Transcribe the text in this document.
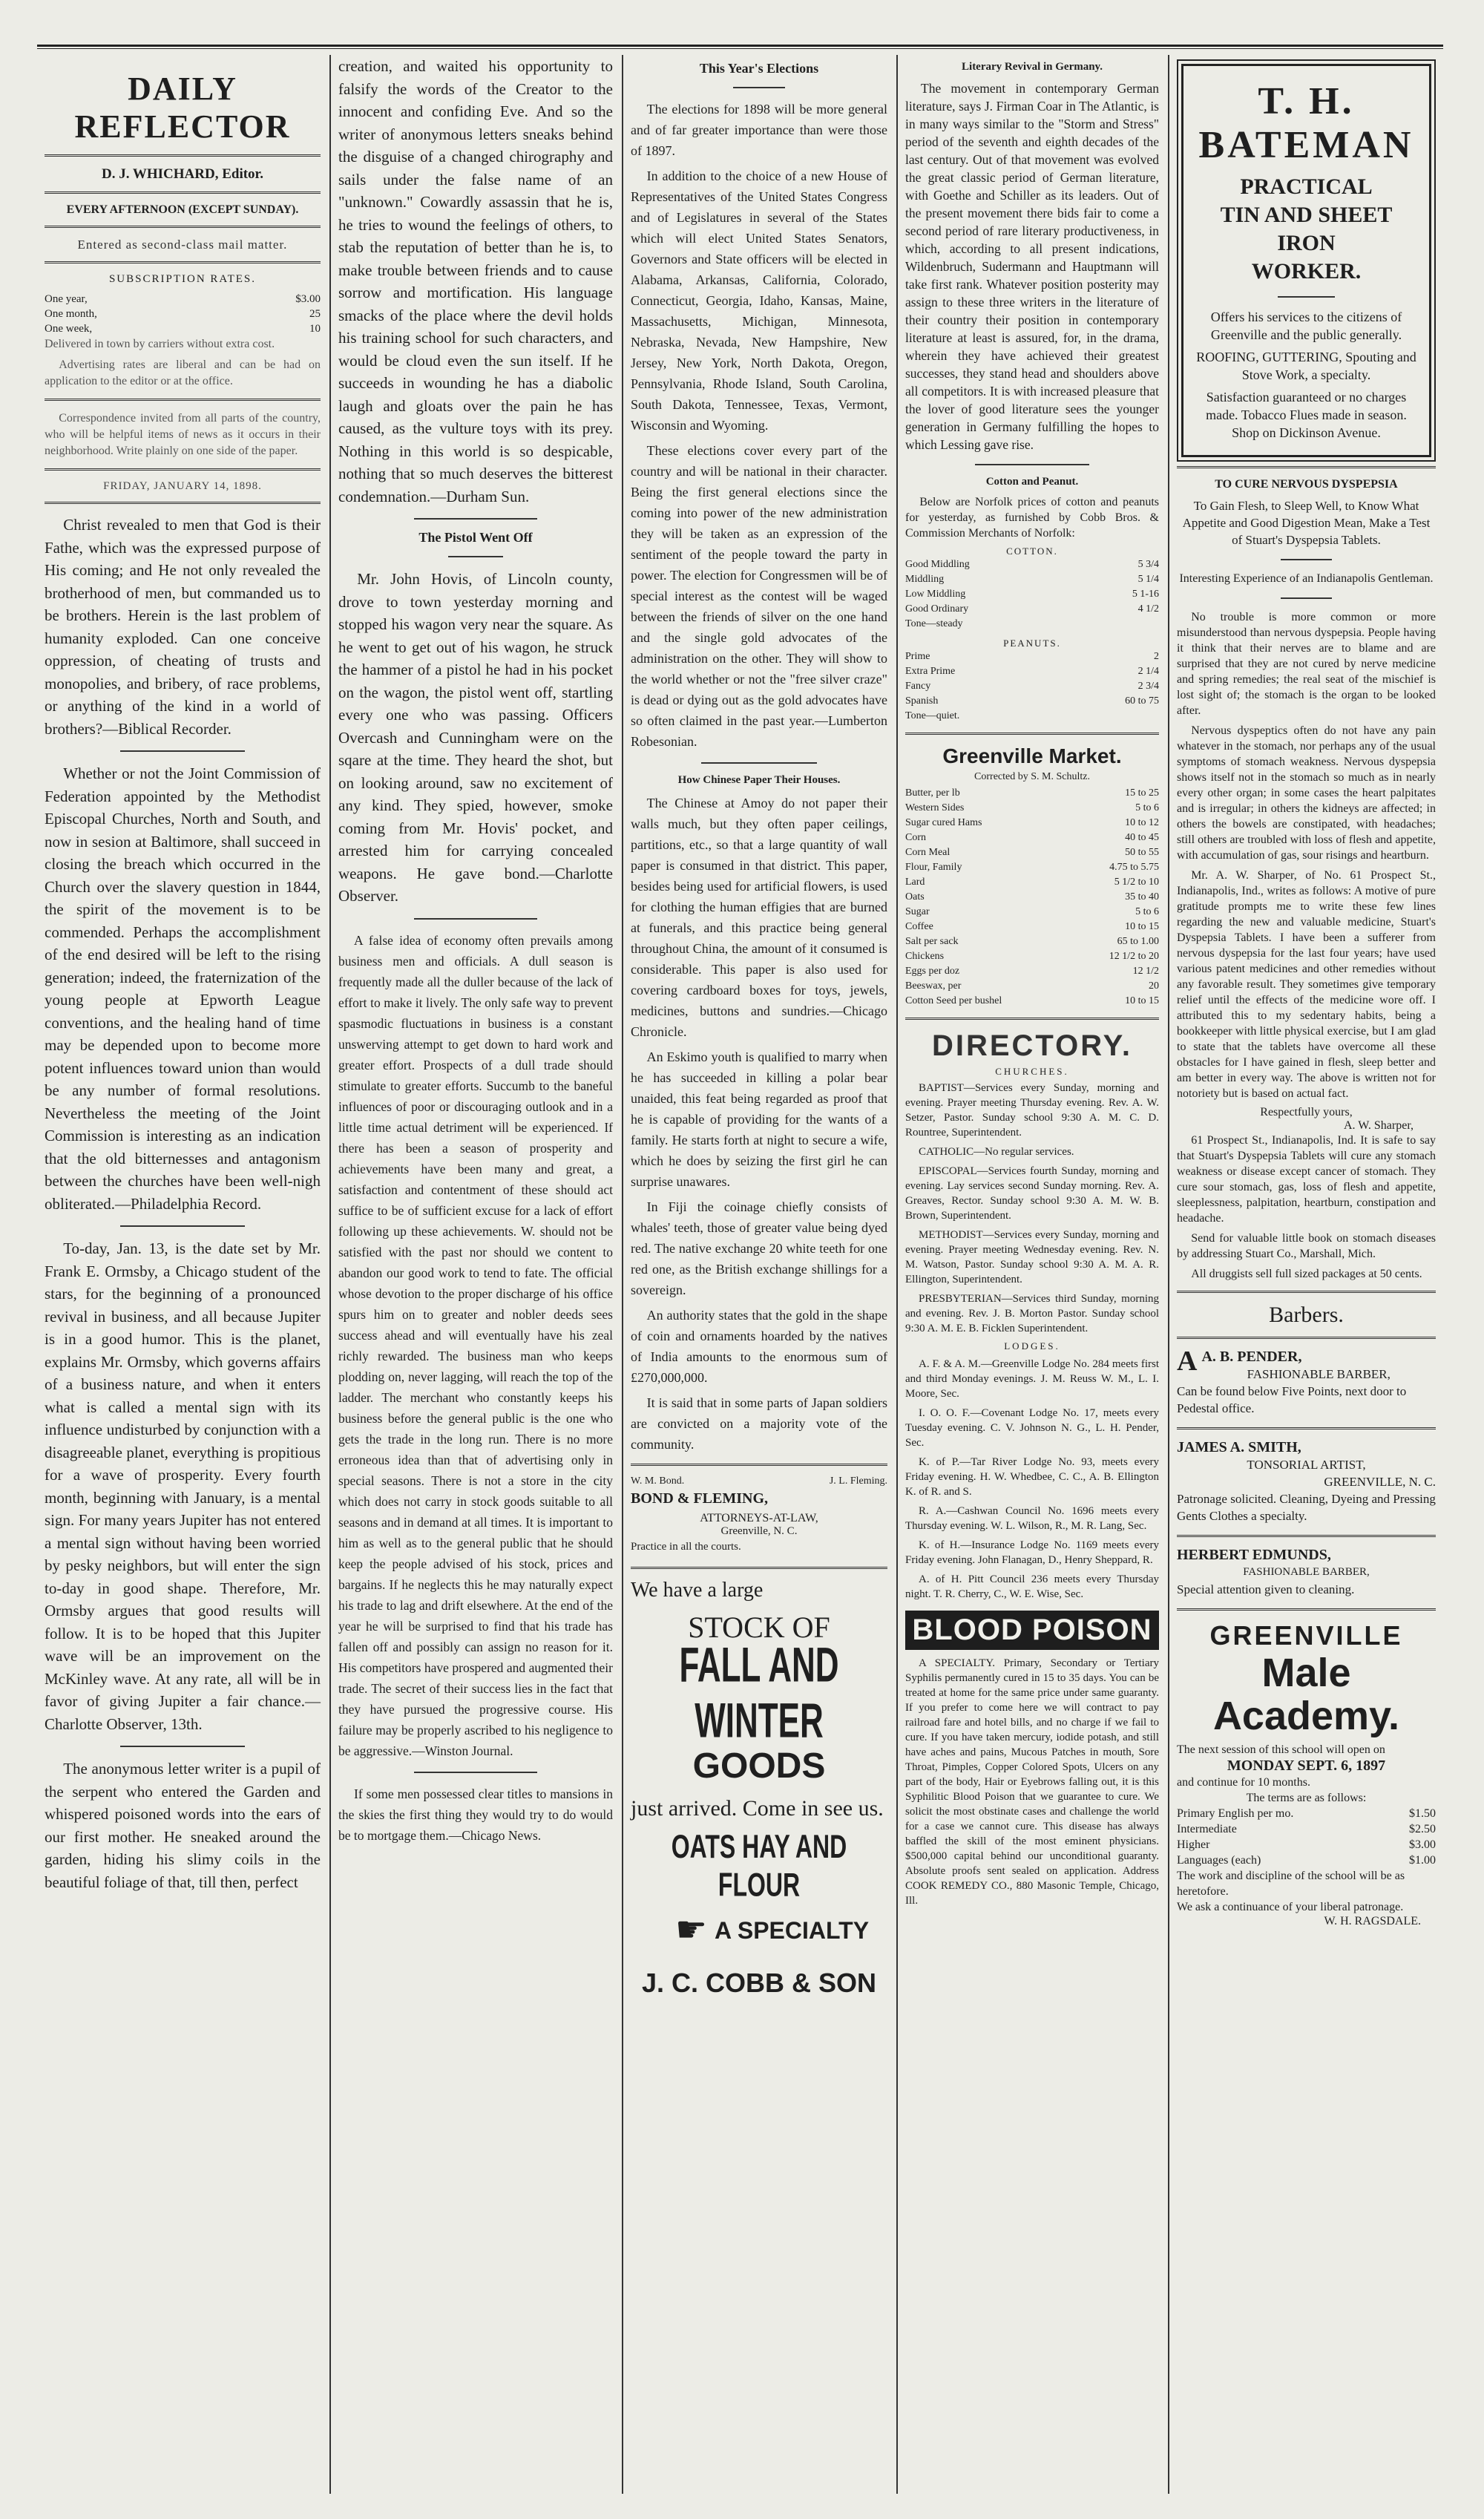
DAILY REFLECTOR
D. J. WHICHARD, Editor.
EVERY AFTERNOON (EXCEPT SUNDAY).
Entered as second-class mail matter.
SUBSCRIPTION RATES.
One year,	$3.00
One month,	25
One week,	10

Delivered in town by carriers without extra cost.

Advertising rates are liberal and can be had on application to the editor or at the office.

Correspondence invited from all parts of the country, who will be helpful items of news as it occurs in their neighborhood. Write plainly on one side of the paper.

FRIDAY, JANUARY 14, 1898.

Christ revealed to men that God is their Fathe, which was the expressed purpose of His coming; and He not only revealed the brotherhood of men, but commanded us to be brothers. Herein is the last problem of humanity exploded. Can one conceive oppression, of cheating of trusts and monopolies, and bribery, of race problems, or anything of the kind in a world of brothers?—Biblical Recorder.

Whether or not the Joint Commission of Federation appointed by the Methodist Episcopal Churches, North and South, and now in sesion at Baltimore, shall succeed in closing the breach which occurred in the Church over the slavery question in 1844, the spirit of the movement is to be commended. Perhaps the accomplishment of the end desired will be left to the rising generation; indeed, the fraternization of the young people at Epworth League conventions, and the healing hand of time may be depended upon to become more potent influences toward union than would be any number of formal resolutions. Nevertheless the meeting of the Joint Commission is interesting as an indication that the old bitternesses and antagonism between the churches have been well-nigh obliterated.—Philadelphia Record.

To-day, Jan. 13, is the date set by Mr. Frank E. Ormsby, a Chicago student of the stars, for the beginning of a pronounced revival in business, and all because Jupiter is in a good humor. This is the planet, explains Mr. Ormsby, which governs affairs of a business nature, and when it enters what is called a mental sign with its influence undisturbed by conjunction with a disagreeable planet, everything is propitious for a wave of prosperity. Every fourth month, beginning with January, is a mental sign. For many years Jupiter has not entered a mental sign without having been worried by pesky neighbors, but will enter the sign to-day in good shape. Therefore, Mr. Ormsby argues that good results will follow. It is to be hoped that this Jupiter wave will be an improvement on the McKinley wave. At any rate, all will be in favor of giving Jupiter a fair chance.—Charlotte Observer, 13th.

The anonymous letter writer is a pupil of the serpent who entered the Garden and whispered poisoned words into the ears of our first mother. He sneaked around the garden, hiding his slimy coils in the beautiful foliage of that, till then, perfect

creation, and waited his opportunity to falsify the words of the Creator to the innocent and confiding Eve. And so the writer of anonymous letters sneaks behind the disguise of a changed chirography and sails under the false name of an "unknown." Cowardly assassin that he is, he tries to wound the feelings of others, to stab the reputation of better than he is, to make trouble between friends and to cause sorrow and mortification. His language smacks of the place where the devil holds his training school for such characters, and would be cloud even the sun itself. If he succeeds in wounding he has a diabolic laugh and gloats over the pain he has caused, as the vulture toys with its prey. Nothing in this world is so despicable, nothing that so much deserves the bitterest condemnation.—Durham Sun.

The Pistol Went Off

Mr. John Hovis, of Lincoln county, drove to town yesterday morning and stopped his wagon very near the square. As he went to get out of his wagon, he struck the hammer of a pistol he had in his pocket on the wagon, the pistol went off, startling every one who was passing. Officers Overcash and Cunningham were on the sqare at the time. They heard the shot, but on looking around, saw no excitement of any kind. They spied, however, smoke coming from Mr. Hovis' pocket, and arrested him for carrying concealed weapons. He gave bond.—Charlotte Observer.

A false idea of economy often prevails among business men and officials. A dull season is frequently made all the duller because of the lack of effort to make it lively. The only safe way to prevent spasmodic fluctuations in business is a constant unswerving attempt to get down to hard work and greater effort. Prospects of a dull trade should stimulate to greater efforts. Succumb to the baneful influences of poor or discouraging outlook and in a little time actual detriment will be experienced. If there has been a season of prosperity and achievements have been many and great, a satisfaction and contentment of these should act suffice to be of sufficient excuse for a lack of effort following up these achievements. W. should not be satisfied with the past nor should we content to abandon our good work to tend to fate. The official whose devotion to the proper discharge of his office spurs him on to greater and nobler deeds sees success ahead and will eventually have his zeal richly rewarded. The business man who keeps plodding on, never lagging, will reach the top of the ladder. The merchant who constantly keeps his business before the general public is the one who gets the trade in the long run. There is no more erroneous idea than that of advertising only in special seasons. There is not a store in the city which does not carry in stock goods suitable to all seasons and in demand at all times. It is important to him as well as to the general public that he should keep the people advised of his stock, prices and bargains. If he neglects this he may naturally expect his trade to lag and drift elsewhere. At the end of the year he will be surprised to find that his trade has fallen off and possibly can assign no reason for it. His competitors have prospered and augmented their trade. The secret of their success lies in the fact that they have pursued the progressive course. His failure may be properly ascribed to his negligence to be aggressive.—Winston Journal.

If some men possessed clear titles to mansions in the skies the first thing they would try to do would be to mortgage them.—Chicago News.

This Year's Elections

The elections for 1898 will be more general and of far greater importance than were those of 1897.

In addition to the choice of a new House of Representatives of the United States Congress and of Legislatures in several of the States which will elect United States Senators, Governors and State officers will be elected in Alabama, Arkansas, California, Colorado, Connecticut, Georgia, Idaho, Kansas, Maine, Massachusetts, Michigan, Minnesota, Nebraska, Nevada, New Hampshire, New Jersey, New York, North Dakota, Oregon, Pennsylvania, Rhode Island, South Carolina, South Dakota, Tennessee, Texas, Vermont, Wisconsin and Wyoming.

These elections cover every part of the country and will be national in their character. Being the first general elections since the coming into power of the new administration they will be taken as an expression of the sentiment of the people toward the party in power. The election for Congressmen will be of special interest as the contest will be waged between the friends of silver on the one hand and the single gold advocates of the administration on the other. They will show to the world whether or not the "free silver craze" is dead or dying out as the gold advocates have so often claimed in the past year.—Lumberton Robesonian.

How Chinese Paper Their Houses.

The Chinese at Amoy do not paper their walls much, but they often paper ceilings, partitions, etc., so that a large quantity of wall paper is consumed in that district. This paper, besides being used for artificial flowers, is used for clothing the human effigies that are burned at funerals, and this practice being general throughout China, the amount of it consumed is considerable. This paper is also used for covering cardboard boxes for toys, jewels, medicines, buttons and sundries.—Chicago Chronicle.

An Eskimo youth is qualified to marry when he has succeeded in killing a polar bear unaided, this feat being regarded as proof that he is capable of providing for the wants of a family. He starts forth at night to secure a wife, which he does by seizing the first girl he can surprise unawares.

In Fiji the coinage chiefly consists of whales' teeth, those of greater value being dyed red. The native exchange 20 white teeth for one red one, as the British exchange shillings for a sovereign.

An authority states that the gold in the shape of coin and ornaments hoarded by the natives of India amounts to the enormous sum of £270,000,000.

It is said that in some parts of Japan soldiers are convicted on a majority vote of the community.

W. M. Bond.	J. L. Fleming.
BOND & FLEMING,
ATTORNEYS-AT-LAW,
Greenville, N. C.
Practice in all the courts.
We have a large
STOCK OF
FALL AND WINTER
GOODS
just arrived. Come in see us.
OATS HAY AND FLOUR
☛ A SPECIALTY
J. C. COBB & SON
Literary Revival in Germany.

The movement in contemporary German literature, says J. Firman Coar in The Atlantic, is in many ways similar to the "Storm and Stress" period of the seventh and eighth decades of the last century. Out of that movement was evolved the great classic period of German literature, with Goethe and Schiller as its leaders. Out of the present movement there bids fair to come a second period of rare literary productiveness, in which, according to all present indications, Wildenbruch, Sudermann and Hauptmann will take first rank. Whatever position posterity may assign to these three writers in the literature of their country their position in contemporary literature at least is assured, for, in the drama, wherein they have achieved their greatest successes, they stand head and shoulders above all competitors. It is with increased pleasure that the lover of good literature sees the younger generation in Germany fulfilling the hopes to which Lessing gave rise.

Cotton and Peanut.

Below are Norfolk prices of cotton and peanuts for yesterday, as furnished by Cobb Bros. & Commission Merchants of Norfolk:

COTTON.
Good Middling	5 3/4
Middling	5 1/4
Low Middling	5 1-16
Good Ordinary	4 1/2
Tone—steady
PEANUTS.
Prime	2
Extra Prime	2 1/4
Fancy	2 3/4
Spanish	60 to 75
Tone—quiet.
Greenville Market.
Corrected by S. M. Schultz.
Butter, per lb	15 to 25
Western Sides	5 to 6
Sugar cured Hams	10 to 12
Corn	40 to 45
Corn Meal	50 to 55
Flour, Family	4.75 to 5.75
Lard	5 1/2 to 10
Oats	35 to 40
Sugar	5 to 6
Coffee	10 to 15
Salt per sack	65 to 1.00
Chickens	12 1/2 to 20
Eggs per doz	12 1/2
Beeswax, per	20
Cotton Seed per bushel	10 to 15
DIRECTORY.
CHURCHES.

BAPTIST—Services every Sunday, morning and evening. Prayer meeting Thursday evening. Rev. A. W. Setzer, Pastor. Sunday school 9:30 A. M. C. D. Rountree, Superintendent.

CATHOLIC—No regular services.

EPISCOPAL—Services fourth Sunday, morning and evening. Lay services second Sunday morning. Rev. A. Greaves, Rector. Sunday school 9:30 A. M. W. B. Brown, Superintendent.

METHODIST—Services every Sunday, morning and evening. Prayer meeting Wednesday evening. Rev. N. M. Watson, Pastor. Sunday school 9:30 A. M. A. R. Ellington, Superintendent.

PRESBYTERIAN—Services third Sunday, morning and evening. Rev. J. B. Morton Pastor. Sunday school 9:30 A. M. E. B. Ficklen Superintendent.

LODGES.

A. F. & A. M.—Greenville Lodge No. 284 meets first and third Monday evenings. J. M. Reuss W. M., L. I. Moore, Sec.

I. O. O. F.—Covenant Lodge No. 17, meets every Tuesday evening. C. V. Johnson N. G., L. H. Pender, Sec.

K. of P.—Tar River Lodge No. 93, meets every Friday evening. H. W. Whedbee, C. C., A. B. Ellington K. of R. and S.

R. A.—Cashwan Council No. 1696 meets every Thursday evening. W. L. Wilson, R., M. R. Lang, Sec.

K. of H.—Insurance Lodge No. 1169 meets every Friday evening. John Flanagan, D., Henry Sheppard, R.

A. of H. Pitt Council 236 meets every Thursday night. T. R. Cherry, C., W. E. Wise, Sec.

BLOOD POISON

A SPECIALTY. Primary, Secondary or Tertiary Syphilis permanently cured in 15 to 35 days. You can be treated at home for the same price under same guaranty. If you prefer to come here we will contract to pay railroad fare and hotel bills, and no charge if we fail to cure. If you have taken mercury, iodide potash, and still have aches and pains, Mucous Patches in mouth, Sore Throat, Pimples, Copper Colored Spots, Ulcers on any part of the body, Hair or Eyebrows falling out, it is this Syphilitic Blood Poison that we guarantee to cure. We solicit the most obstinate cases and challenge the world for a case we cannot cure. This disease has always baffled the skill of the most eminent physicians. $500,000 capital behind our unconditional guaranty. Absolute proofs sent sealed on application. Address COOK REMEDY CO., 880 Masonic Temple, Chicago, Ill.

T. H. BATEMAN
PRACTICAL
TIN AND SHEET IRON
WORKER.
Offers his services to the citizens of Greenville and the public generally.
ROOFING, GUTTERING, Spouting and Stove Work, a specialty.
Satisfaction guaranteed or no charges made. Tobacco Flues made in season. Shop on Dickinson Avenue.
TO CURE NERVOUS DYSPEPSIA
To Gain Flesh, to Sleep Well, to Know What Appetite and Good Digestion Mean, Make a Test of Stuart's Dyspepsia Tablets.
Interesting Experience of an Indianapolis Gentleman.

No trouble is more common or more misunderstood than nervous dyspepsia. People having it think that their nerves are to blame and are surprised that they are not cured by nerve medicine and spring remedies; the real seat of the mischief is lost sight of; the stomach is the organ to be looked after.

Nervous dyspeptics often do not have any pain whatever in the stomach, nor perhaps any of the usual symptoms of stomach weakness. Nervous dyspepsia shows itself not in the stomach so much as in nearly every other organ; in some cases the heart palpitates and is irregular; in others the kidneys are affected; in others the bowels are constipated, with headaches; still others are troubled with loss of flesh and appetite, with accumulation of gas, sour risings and heartburn.

Mr. A. W. Sharper, of No. 61 Prospect St., Indianapolis, Ind., writes as follows: A motive of pure gratitude prompts me to write these few lines regarding the new and valuable medicine, Stuart's Dyspepsia Tablets. I have been a sufferer from nervous dyspepsia for the last four years; have used various patent medicines and other remedies without any favorable result. They sometimes give temporary relief until the effects of the medicine wore off. I attributed this to my sedentary habits, being a bookkeeper with little physical exercise, but I am glad to state that the tablets have overcome all these obstacles for I have gained in flesh, sleep better and am better in every way. The above is written not for notoriety but is based on actual fact.

Respectfully yours,
A. W. Sharper,

61 Prospect St., Indianapolis, Ind. It is safe to say that Stuart's Dyspepsia Tablets will cure any stomach weakness or disease except cancer of stomach. They cure sour stomach, gas, loss of flesh and appetite, sleeplessness, palpitation, heartburn, constipation and headache.

Send for valuable little book on stomach diseases by addressing Stuart Co., Marshall, Mich.

All druggists sell full sized packages at 50 cents.

Barbers.
A A. B. PENDER,
FASHIONABLE BARBER,
Can be found below Five Points, next door to Pedestal office.
JAMES A. SMITH,
TONSORIAL ARTIST,
GREENVILLE, N. C.
Patronage solicited. Cleaning, Dyeing and Pressing Gents Clothes a specialty.
HERBERT EDMUNDS,
FASHIONABLE BARBER,
Special attention given to cleaning.
GREENVILLE
Male Academy.
The next session of this school will open on
MONDAY SEPT. 6, 1897
and continue for 10 months.
The terms are as follows:
Primary English per mo.	$1.50
Intermediate	$2.50
Higher	$3.00
Languages (each)	$1.00
The work and discipline of the school will be as heretofore.
We ask a continuance of your liberal patronage.
W. H. RAGSDALE.
